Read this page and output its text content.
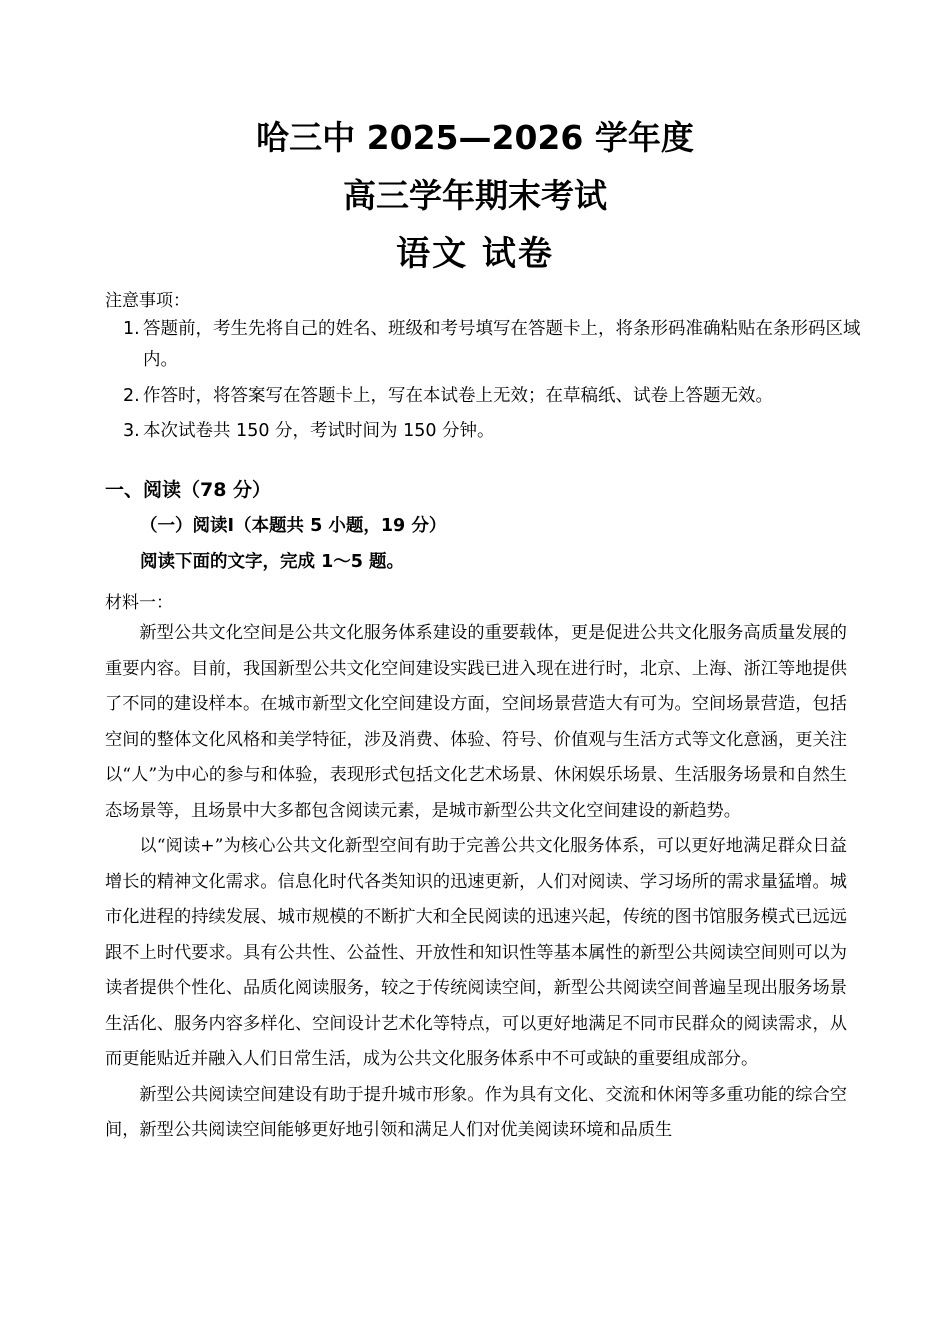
哈三中 2025—2026 学年度
高三学年期末考试
语文 试卷
注意事项：
1. 答题前，考生先将自己的姓名、班级和考号填写在答题卡上，将条形码准确粘贴在条形码区域内。
2. 作答时，将答案写在答题卡上，写在本试卷上无效；在草稿纸、试卷上答题无效。
3. 本次试卷共 150 分，考试时间为 150 分钟。
一、阅读（78 分）
（一）阅读Ⅰ（本题共 5 小题，19 分）
阅读下面的文字，完成 1～5 题。
材料一：

新型公共文化空间是公共文化服务体系建设的重要载体，更是促进公共文化服务高质量发展的重要内容。目前，我国新型公共文化空间建设实践已进入现在进行时，北京、上海、浙江等地提供了不同的建设样本。在城市新型文化空间建设方面，空间场景营造大有可为。空间场景营造，包括空间的整体文化风格和美学特征，涉及消费、体验、符号、价值观与生活方式等文化意涵，更关注以“人”为中心的参与和体验，表现形式包括文化艺术场景、休闲娱乐场景、生活服务场景和自然生态场景等，且场景中大多都包含阅读元素，是城市新型公共文化空间建设的新趋势。

以“阅读+”为核心公共文化新型空间有助于完善公共文化服务体系，可以更好地满足群众日益增长的精神文化需求。信息化时代各类知识的迅速更新，人们对阅读、学习场所的需求量猛增。城市化进程的持续发展、城市规模的不断扩大和全民阅读的迅速兴起，传统的图书馆服务模式已远远跟不上时代要求。具有公共性、公益性、开放性和知识性等基本属性的新型公共阅读空间则可以为读者提供个性化、品质化阅读服务，较之于传统阅读空间，新型公共阅读空间普遍呈现出服务场景生活化、服务内容多样化、空间设计艺术化等特点，可以更好地满足不同市民群众的阅读需求，从而更能贴近并融入人们日常生活，成为公共文化服务体系中不可或缺的重要组成部分。

新型公共阅读空间建设有助于提升城市形象。作为具有文化、交流和休闲等多重功能的综合空间，新型公共阅读空间能够更好地引领和满足人们对优美阅读环境和品质生
